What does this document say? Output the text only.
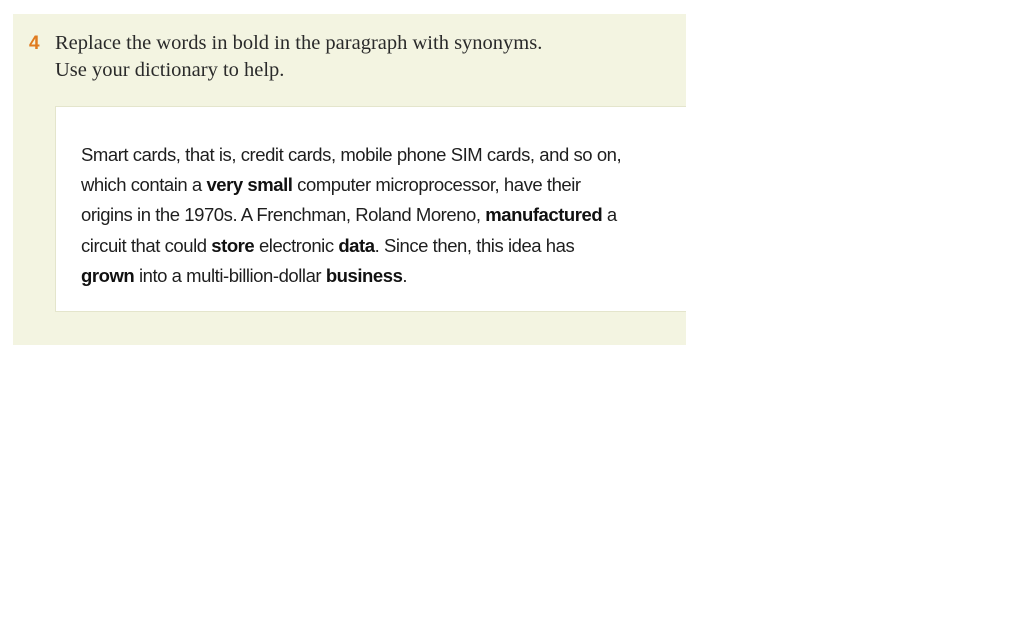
4 Replace the words in bold in the paragraph with synonyms.
Use your dictionary to help.

Smart cards, that is, credit cards, mobile phone SIM cards, and so on,
which contain a very small computer microprocessor, have their
origins in the 1970s. A Frenchman, Roland Moreno, manufactured a
circuit that could store electronic data. Since then, this idea has
grown into a multi-billion-dollar business.
